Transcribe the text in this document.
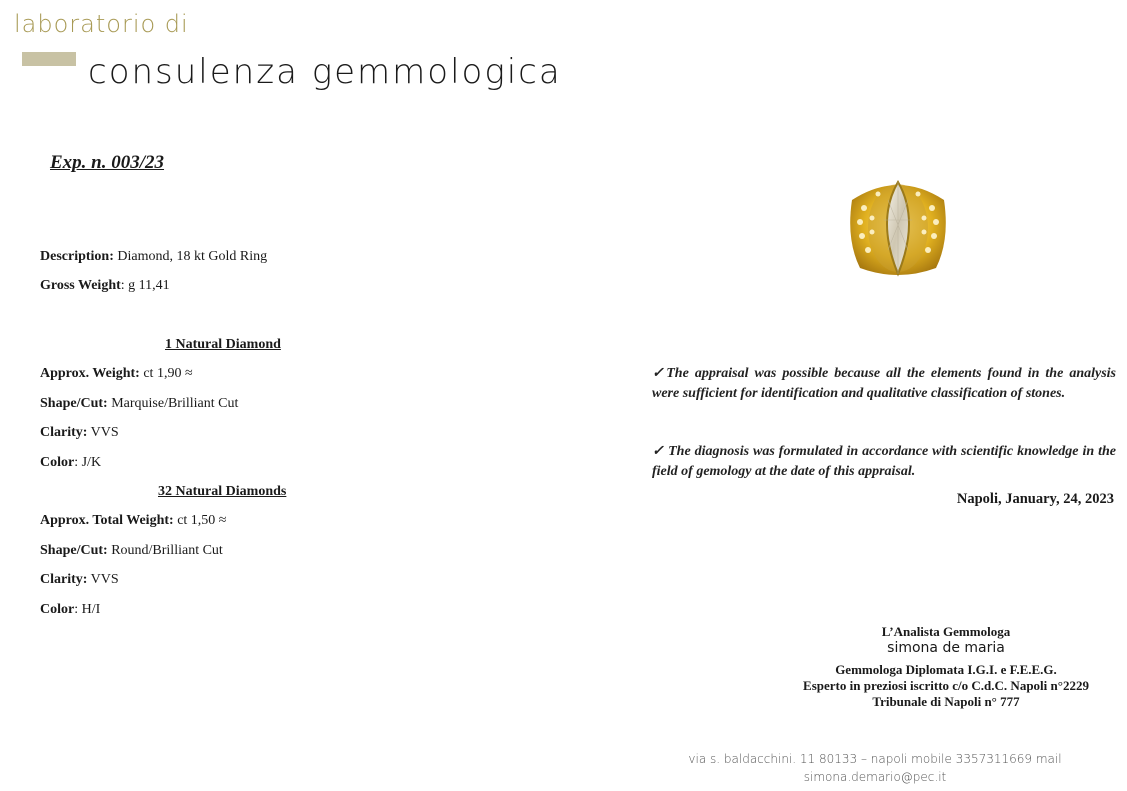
laboratorio di
consulenza gemmologica
Exp. n. 003/23
Description: Diamond, 18 kt Gold Ring
Gross Weight: g 11,41
1 Natural Diamond
Approx. Weight: ct 1,90 ≈
Shape/Cut: Marquise/Brilliant Cut
Clarity: VVS
Color: J/K
32 Natural Diamonds
Approx. Total Weight: ct 1,50 ≈
Shape/Cut: Round/Brilliant Cut
Clarity: VVS
Color: H/I
✓The appraisal was possible because all the elements found in the analysis were sufficient for identification and qualitative classification of stones.
✓ The diagnosis was formulated in accordance with scientific knowledge in the field of gemology at the date of this appraisal.
Napoli, January, 24, 2023
L’Analista Gemmologa
simona de maria
Gemmologa Diplomata I.G.I. e F.E.E.G.
Esperto in preziosi iscritto c/o C.d.C. Napoli n°2229
Tribunale di Napoli n° 777
via s. baldacchini. 11 80133 – napoli mobile 3357311669 mail
simona.demario@pec.it
